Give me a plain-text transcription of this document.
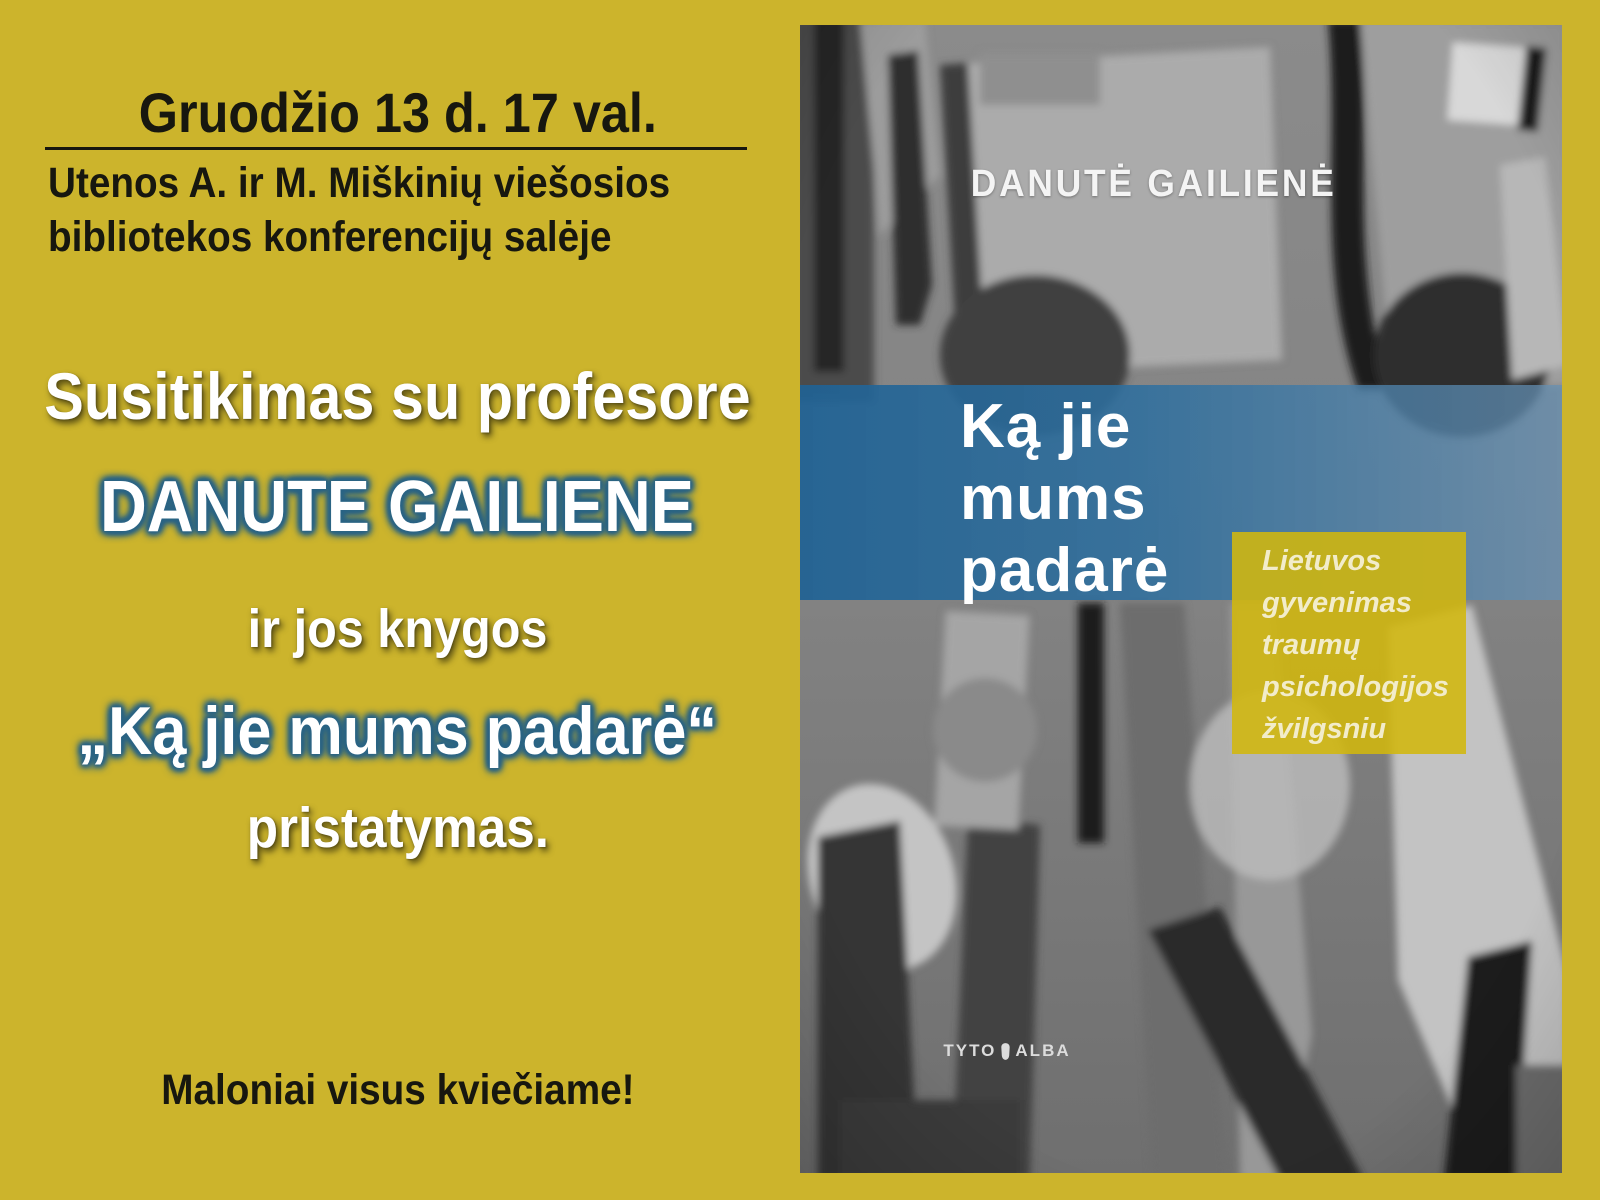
Gruodžio 13 d. 17 val.
Utenos A. ir M. Miškinių viešosios
bibliotekos konferencijų salėje
Susitikimas su profesore
DANUTE GAILIENE
ir jos knygos
„Ką jie mums padarė“
pristatymas.
Maloniai visus kviečiame!
DANUTĖ GAILIENĖ
Ką jie
mums
padarė	Lietuvos
gyvenimas
traumų
psichologijos
žvilgsniu
TYTO ALBA
